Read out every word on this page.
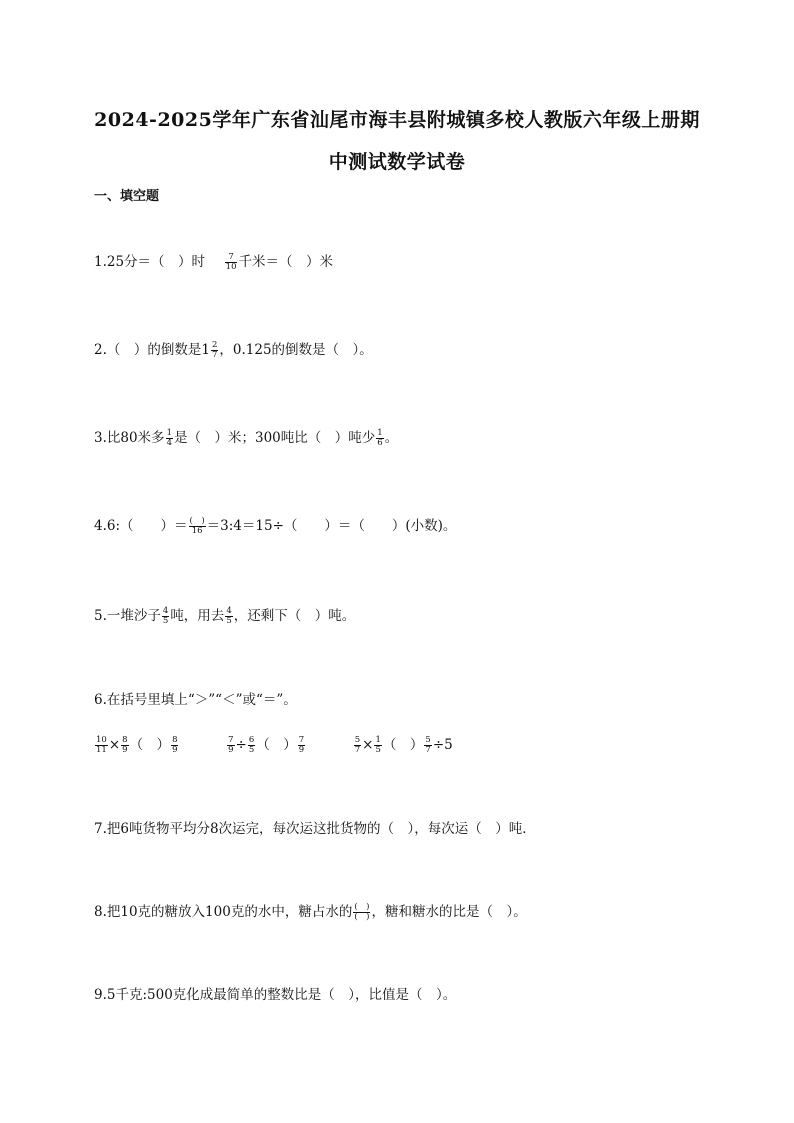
2024-2025学年广东省汕尾市海丰县附城镇多校人教版六年级上册期
中测试数学试卷
一、填空题
1.25分＝（　）时 $\frac{7}{10}$ 千米＝（　）米
2.（　）的倒数是$1 \frac{2}{7}$ ，0.125的倒数是（　）。
3.比80米多 $\frac{1}{4}$ 是（　）米；300吨比（　）吨少 $\frac{1}{6}$ 。
4.6:（　　）＝ $\frac{( )}{16}$ ＝3:4＝15÷（　　）＝（　　）(小数)。
5.一堆沙子 $\frac{4}{5}$ 吨，用去 $\frac{4}{5}$ ，还剩下（　）吨。
6.在括号里填上“＞”“＜”或“＝”。
$\frac{10}{11} \times \frac{8}{9}$ （　） $\frac{8}{9}$
	$\frac{7}{9} \div \frac{6}{5}$ （　） $\frac{7}{9}$
	$\frac{5}{7} \times \frac{1}{5}$ （　） $\frac{5}{7} \div 5$
7.把6吨货物平均分8次运完，每次运这批货物的（　），每次运（　）吨．
8.把10克的糖放入100克的水中，糖占水的 $\frac{( )}{( )}$ ，糖和糖水的比是（　）。
9.5千克:500克化成最简单的整数比是（　），比值是（　）。
